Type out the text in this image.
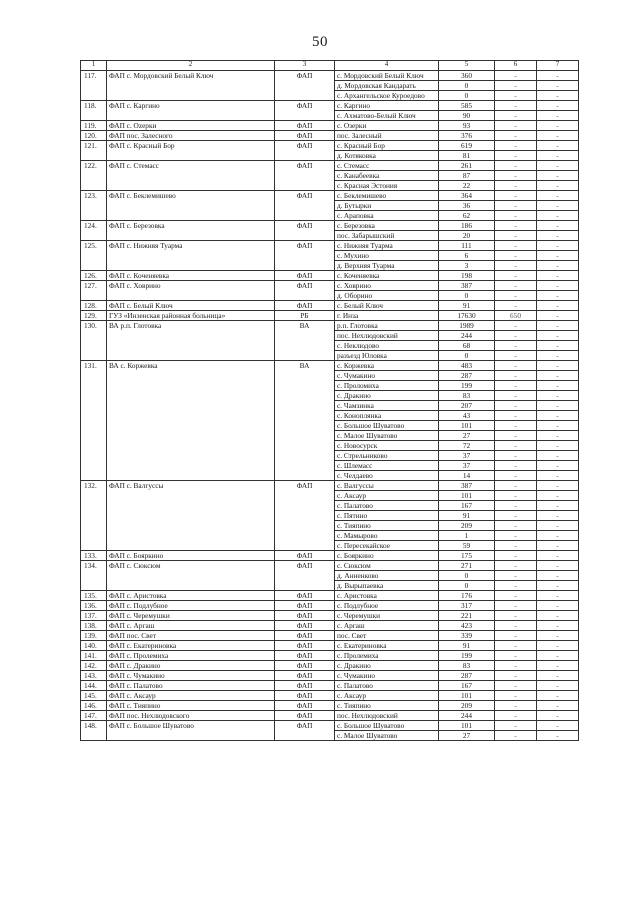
50
1	2	3	4	5	6	7
117.	ФАП с. Мордовский Белый Ключ	ФАП	с. Мордовский Белый Ключ	360	-	-
			д. Мордовская Кандарать	0	-	-
			с. Архангельское Куроедово	0	-	-
118.	ФАП с. Каргино	ФАП	с. Каргино	585	-	-
			с. Ахматово-Белый Ключ	90	-	-
119.	ФАП с. Оzерки	ФАП	с. Озерки	93	-	-
120.	ФАП пос. Зaлесного	ФАП	пос. Залесный	376	-	-
121.	ФАП с. Красный Бор	ФАП	с. Красный Бор	619	-	-
			д. Котяковка	81	-	-
122.	ФАП с. Стемасс	ФАП	с. Стемасс	261	-	-
			с. Канабеевка	87	-	-
			с. Красная Эстония	22	-	-
123.	ФАП с. Беклемишево	ФАП	с. Беклемишево	364	-	-
			д. Бутырки	36	-	-
			с. Араповка	62	-	-
124.	ФАП с. Березовка	ФАП	с. Березовка	186	-	-
			пос. Забарышский	20	-	-
125.	ФАП с. Нижняя Туарма	ФАП	с. Нижняя Туарма	111	-	-
			с. Мухино	6	-	-
			д. Верхняя Туарма	3	-	-
126.	ФАП с. Коченяевка	ФАП	с. Коченяевка	198	-	-
127.	ФАП с. Ховрино	ФАП	с. Ховрино	387	-	-
			д. Оборино	0	-	-
128.	ФАП с. Белый Ключ	ФАП	с. Белый Ключ	91	-	-
129.	ГУЗ «Инзенская районная больница»	РБ	г. Инза	17630	650	-
130.	ВА р.п. Глотовка	ВА	р.п. Глотовка	1989	-	-
			пос. Нехлюдовский	244	-	-
			с. Неклюдово	68	-	-
			разъезд Юловка	0	-	-
131.	ВА с. Коржевка	ВА	с. Коржевка	483	-	-
			с. Чумакино	287	-	-
			с. Проломиха	199	-	-
			с. Дракино	83	-	-
			с. Чамзинка	207	-	-
			с. Коноплянка	43	-	-
			с. Большое Шуватово	101	-	-
			с. Малое Шуватово	27	-	-
			с. Новосурск	72	-	-
			с. Стрельниково	37	-	-
			с. Шлемасс	37	-	-
			с. Челдаево	14	-	-
132.	ФАП с. Валгуссы	ФАП	с. Валгуссы	387	-	-
			с. Аксаур	101	-	-
			с. Палатово	167	-	-
			с. Пятино	91	-	-
			с. Тияпино	209	-	-
			с. Мамырово	1	-	-
			с. Пересекайское	59	-	-
133.	ФАП с. Бояркино	ФАП	с. Бояркино	175	-	-
134.	ФАП с. Сюксюм	ФАП	с. Сюксюм	271	-	-
			д. Анненково	0	-	-
			д. Вырыпаевка	0	-	-
135.	ФАП с. Аристовка	ФАП	с. Аристовка	176	-	-
136.	ФАП с. Подлубное	ФАП	с. Подлубное	317	-	-
137.	ФАП с. Черемушки	ФАП	с. Черемушки	221	-	-
138.	ФАП с. Аргаш	ФАП	с. Аргаш	423	-	-
139.	ФАП пос. Свет	ФАП	пос. Свет	339	-	-
140.	ФАП с. Екатериновка	ФАП	с. Екатериновка	91	-	-
141.	ФАП с. Пролемиха	ФАП	с. Пролемиха	199	-	-
142.	ФАП с. Дракино	ФАП	с. Дракино	83	-	-
143.	ФАП с. Чумакино	ФАП	с. Чумакино	287	-	-
144.	ФАП с. Палатово	ФАП	с. Палатово	167	-	-
145.	ФАП с. Аксаур	ФАП	с. Аксаур	101	-	-
146.	ФАП с. Тияпино	ФАП	с. Тияпино	209	-	-
147.	ФАП пос. Нехлюдовского	ФАП	пос. Нехлюдовский	244	-	-
148.	ФАП с. Большое Шуватово	ФАП	с. Большое Шуватово	101	-	-
			с. Малое Шуватово	27	-	-
